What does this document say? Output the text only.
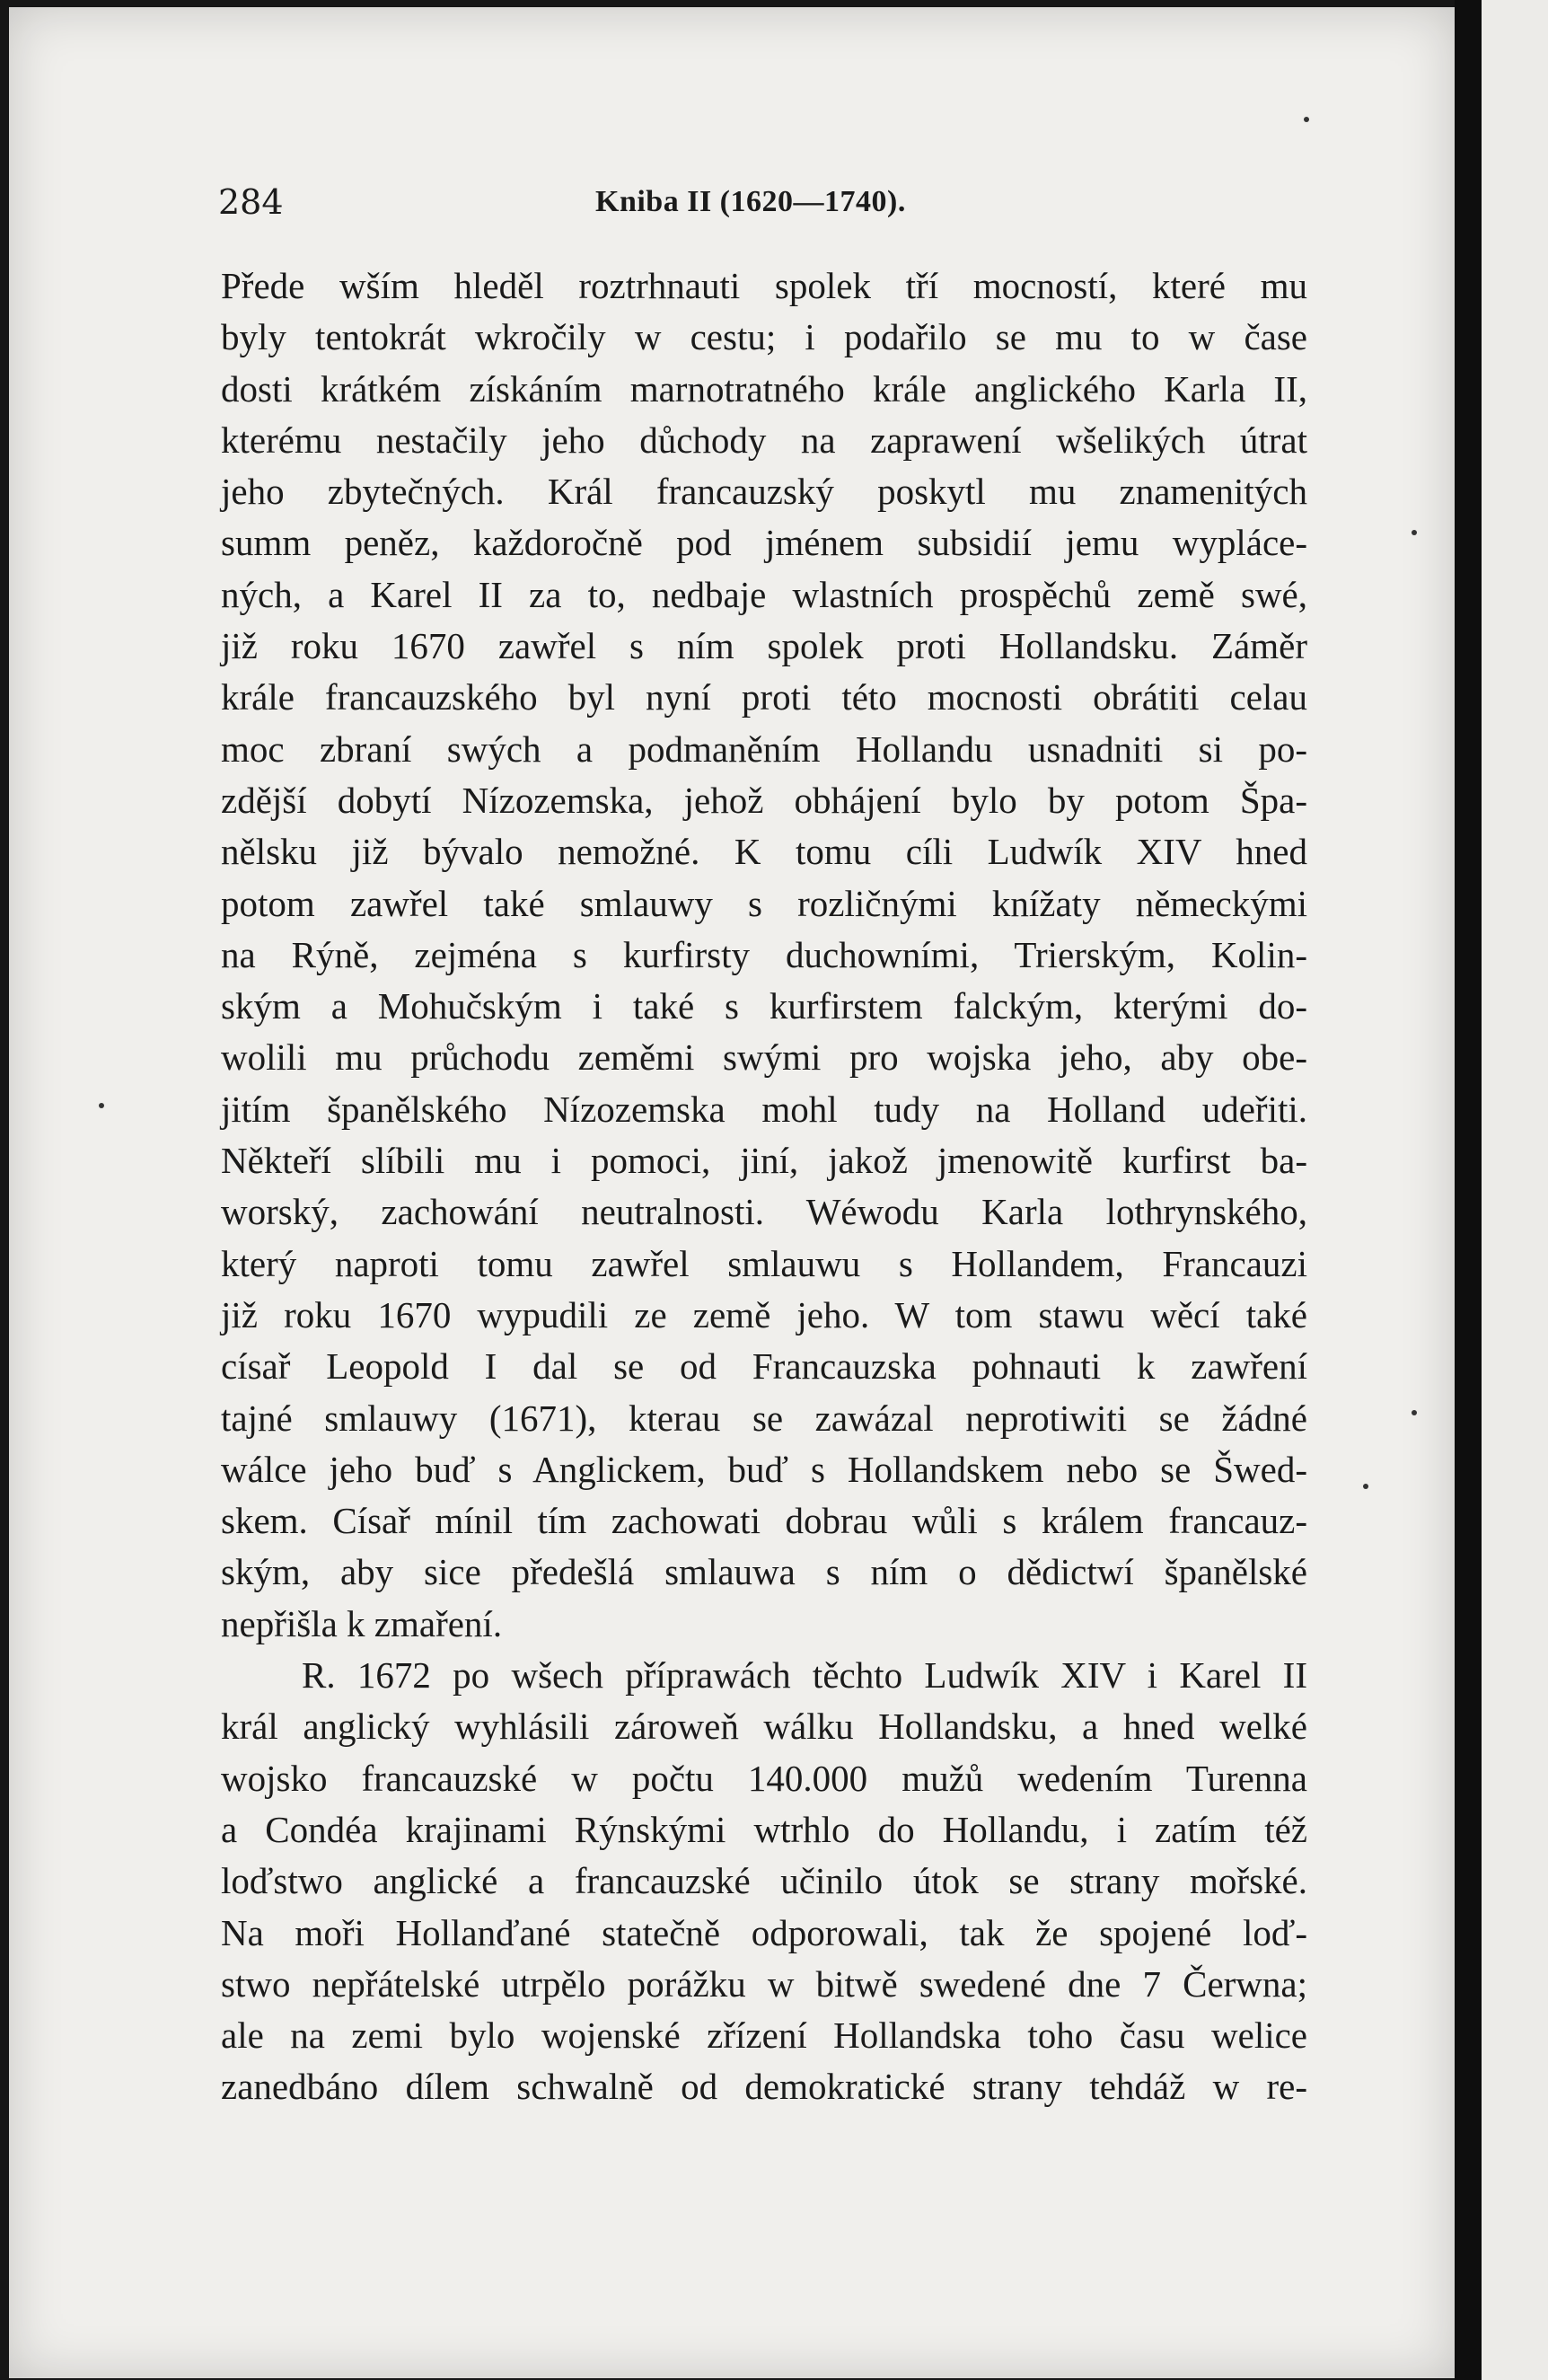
284	Kniba II (1620—1740).
Přede wším hleděl roztrhnauti spolek tří mocností, které mu
byly tentokrát wkročily w cestu; i podařilo se mu to w čase
dosti krátkém získáním marnotratného krále anglického Karla II,
kterému nestačily jeho důchody na zaprawení wšelikých útrat
jeho zbytečných. Král francauzský poskytl mu znamenitých
summ peněz, každoročně pod jménem subsidií jemu wypláce-
ných, a Karel II za to, nedbaje wlastních prospěchů země swé,
již roku 1670 zawřel s ním spolek proti Hollandsku. Záměr
krále francauzského byl nyní proti této mocnosti obrátiti celau
moc zbraní swých a podmaněním Hollandu usnadniti si po-
zdější dobytí Nízozemska, jehož obhájení bylo by potom Špa-
nělsku již bývalo nemožné. K tomu cíli Ludwík XIV hned
potom zawřel také smlauwy s rozličnými knížaty německými
na Rýně, zejména s kurfirsty duchowními, Trierským, Kolin-
ským a Mohučským i také s kurfirstem falckým, kterými do-
wolili mu průchodu zeměmi swými pro wojska jeho, aby obe-
jitím španělského Nízozemska mohl tudy na Holland udeřiti.
Někteří slíbili mu i pomoci, jiní, jakož jmenowitě kurfirst ba-
worský, zachowání neutralnosti. Wéwodu Karla lothrynského,
který naproti tomu zawřel smlauwu s Hollandem, Francauzi
již roku 1670 wypudili ze země jeho. W tom stawu wěcí také
císař Leopold I dal se od Francauzska pohnauti k zawření
tajné smlauwy (1671), kterau se zawázal neprotiwiti se žádné
wálce jeho buď s Anglickem, buď s Hollandskem nebo se Šwed-
skem. Císař mínil tím zachowati dobrau wůli s králem francauz-
ským, aby sice předešlá smlauwa s ním o dědictwí španělské
nepřišla k zmaření.
R. 1672 po wšech příprawách těchto Ludwík XIV i Karel II
král anglický wyhlásili zároweň wálku Hollandsku, a hned welké
wojsko francauzské w počtu 140.000 mužů wedením Turenna
a Condéa krajinami Rýnskými wtrhlo do Hollandu, i zatím též
loďstwo anglické a francauzské učinilo útok se strany mořské.
Na moři Hollanďané statečně odporowali, tak že spojené loď-
stwo nepřátelské utrpělo porážku w bitwě swedené dne 7 Čerwna;
ale na zemi bylo wojenské zřízení Hollandska toho času welice
zanedbáno dílem schwalně od demokratické strany tehdáž w re-
